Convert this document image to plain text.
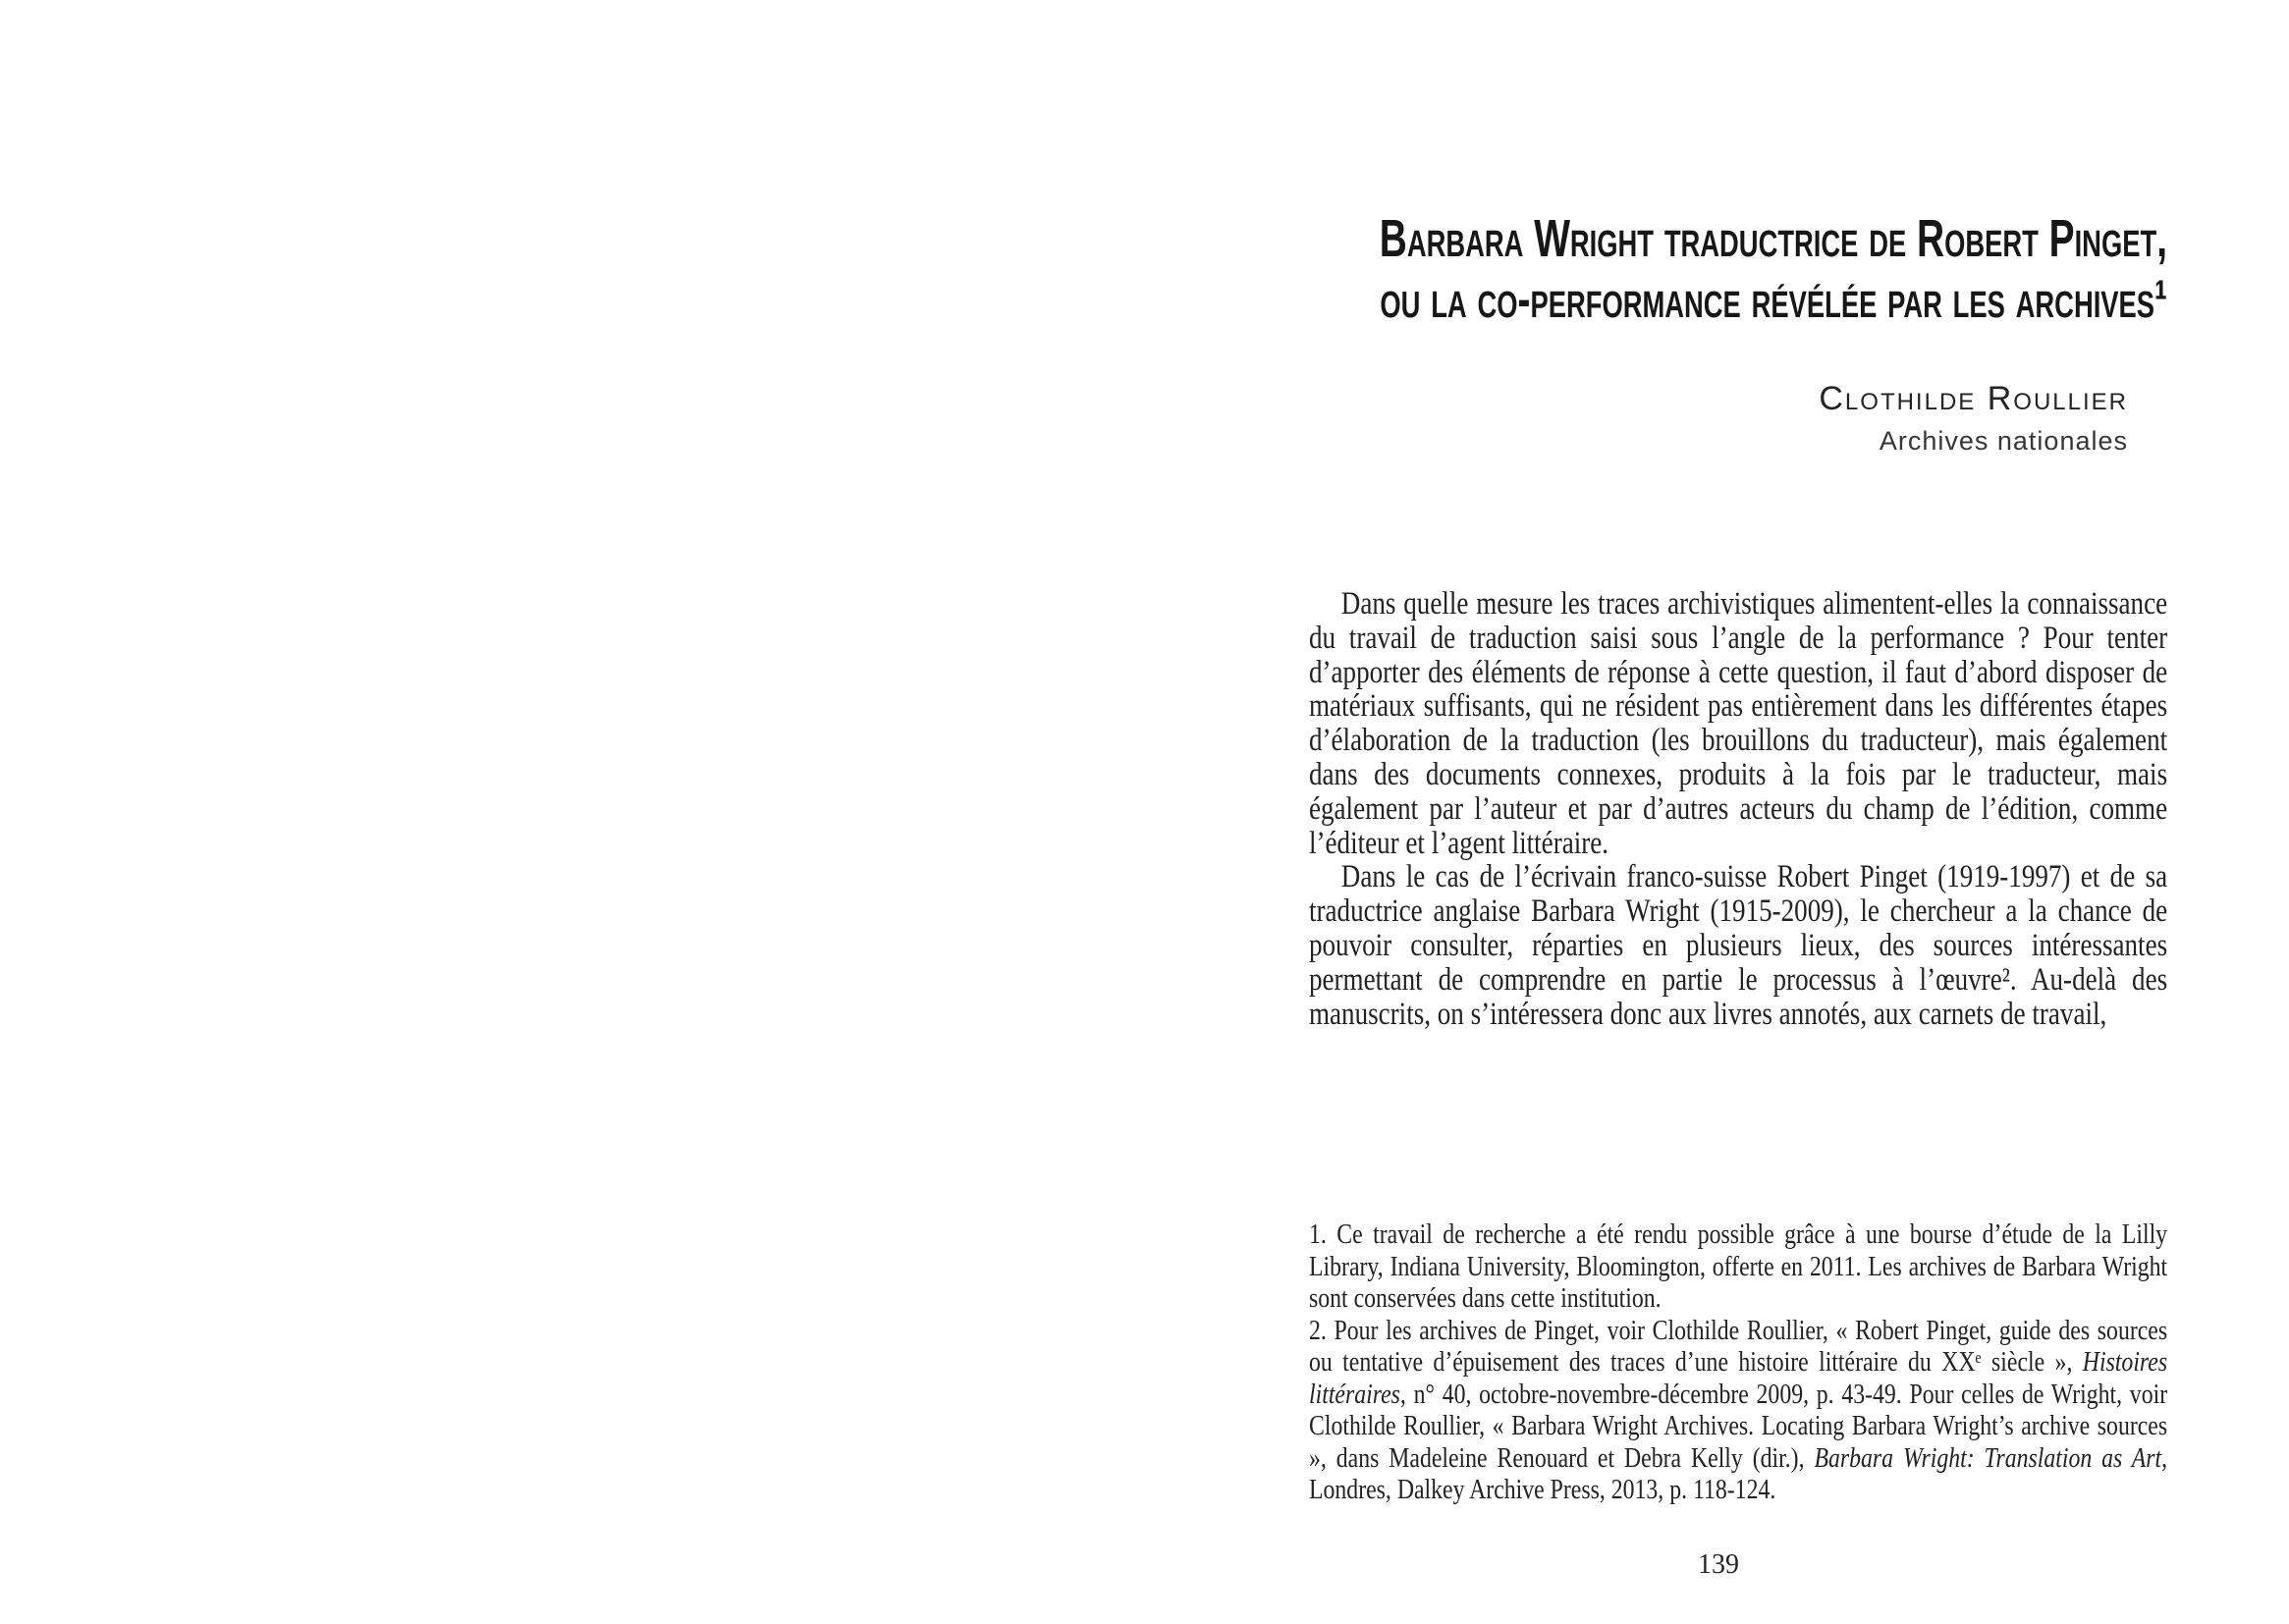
Barbara Wright traductrice de Robert Pinget,
ou la co-performance révélée par les archives¹
Clothilde Roullier
Archives nationales

Dans quelle mesure les traces archivistiques alimentent-elles la connaissance du travail de traduction saisi sous l’angle de la performance ? Pour tenter d’apporter des éléments de réponse à cette question, il faut d’abord disposer de matériaux suffisants, qui ne résident pas entièrement dans les différentes étapes d’élaboration de la traduction (les brouillons du traducteur), mais également dans des documents connexes, produits à la fois par le traducteur, mais également par l’auteur et par d’autres acteurs du champ de l’édition, comme l’éditeur et l’agent littéraire.

Dans le cas de l’écrivain franco-suisse Robert Pinget (1919-1997) et de sa traductrice anglaise Barbara Wright (1915-2009), le chercheur a la chance de pouvoir consulter, réparties en plusieurs lieux, des sources intéressantes permettant de comprendre en partie le processus à l’œuvre². Au-delà des manuscrits, on s’intéressera donc aux livres annotés, aux carnets de travail,

1. Ce travail de recherche a été rendu possible grâce à une bourse d’étude de la Lilly Library, Indiana University, Bloomington, offerte en 2011. Les archives de Barbara Wright sont conservées dans cette institution.

2. Pour les archives de Pinget, voir Clothilde Roullier, « Robert Pinget, guide des sources ou tentative d’épuisement des traces d’une histoire littéraire du XXᵉ siècle », Histoires littéraires, n° 40, octobre-novembre-décembre 2009, p. 43-49. Pour celles de Wright, voir Clothilde Roullier, « Barbara Wright Archives. Locating Barbara Wright’s archive sources », dans Madeleine Renouard et Debra Kelly (dir.), Barbara Wright: Translation as Art, Londres, Dalkey Archive Press, 2013, p. 118-124.

139
